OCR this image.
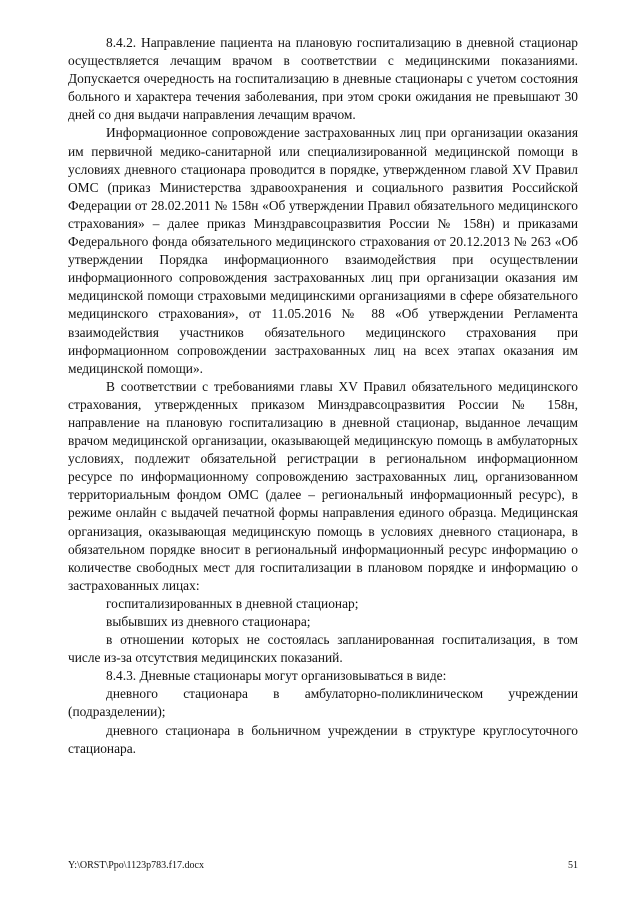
8.4.2. Направление пациента на плановую госпитализацию в дневной стационар осуществляется лечащим врачом в соответствии с медицинскими показаниями. Допускается очередность на госпитализацию в дневные стационары с учетом состояния больного и характера течения заболевания, при этом сроки ожидания не превышают 30 дней со дня выдачи направления лечащим врачом.

Информационное сопровождение застрахованных лиц при организации оказания им первичной медико-санитарной или специализированной медицинской помощи в условиях дневного стационара проводится в порядке, утвержденном главой XV Правил ОМС (приказ Министерства здравоохранения и социального развития Российской Федерации от 28.02.2011 № 158н «Об утверждении Правил обязательного медицинского страхования» – далее приказ Минздравсоцразвития России № 158н) и приказами Федерального фонда обязательного медицинского страхования от 20.12.2013 № 263 «Об утверждении Порядка информационного взаимодействия при осуществлении информационного сопровождения застрахованных лиц при организации оказания им медицинской помощи страховыми медицинскими организациями в сфере обязательного медицинского страхования», от 11.05.2016 № 88 «Об утверждении Регламента взаимодействия участников обязательного медицинского страхования при информационном сопровождении застрахованных лиц на всех этапах оказания им медицинской помощи».

В соответствии с требованиями главы XV Правил обязательного медицинского страхования, утвержденных приказом Минздравсоцразвития России № 158н, направление на плановую госпитализацию в дневной стационар, выданное лечащим врачом медицинской организации, оказывающей медицинскую помощь в амбулаторных условиях, подлежит обязательной регистрации в региональном информационном ресурсе по информационному сопровождению застрахованных лиц, организованном территориальным фондом ОМС (далее – региональный информационный ресурс), в режиме онлайн с выдачей печатной формы направления единого образца. Медицинская организация, оказывающая медицинскую помощь в условиях дневного стационара, в обязательном порядке вносит в региональный информационный ресурс информацию о количестве свободных мест для госпитализации в плановом порядке и информацию о застрахованных лицах:

госпитализированных в дневной стационар;

выбывших из дневного стационара;

в отношении которых не состоялась запланированная госпитализация, в том числе из-за отсутствия медицинских показаний.

8.4.3. Дневные стационары могут организовываться в виде:

дневного стационара в амбулаторно-поликлиническом учреждении (подразделении);

дневного стационара в больничном учреждении в структуре круглосуточного стационара.

Y:\ORST\Ppo\1123p783.f17.docx	51
